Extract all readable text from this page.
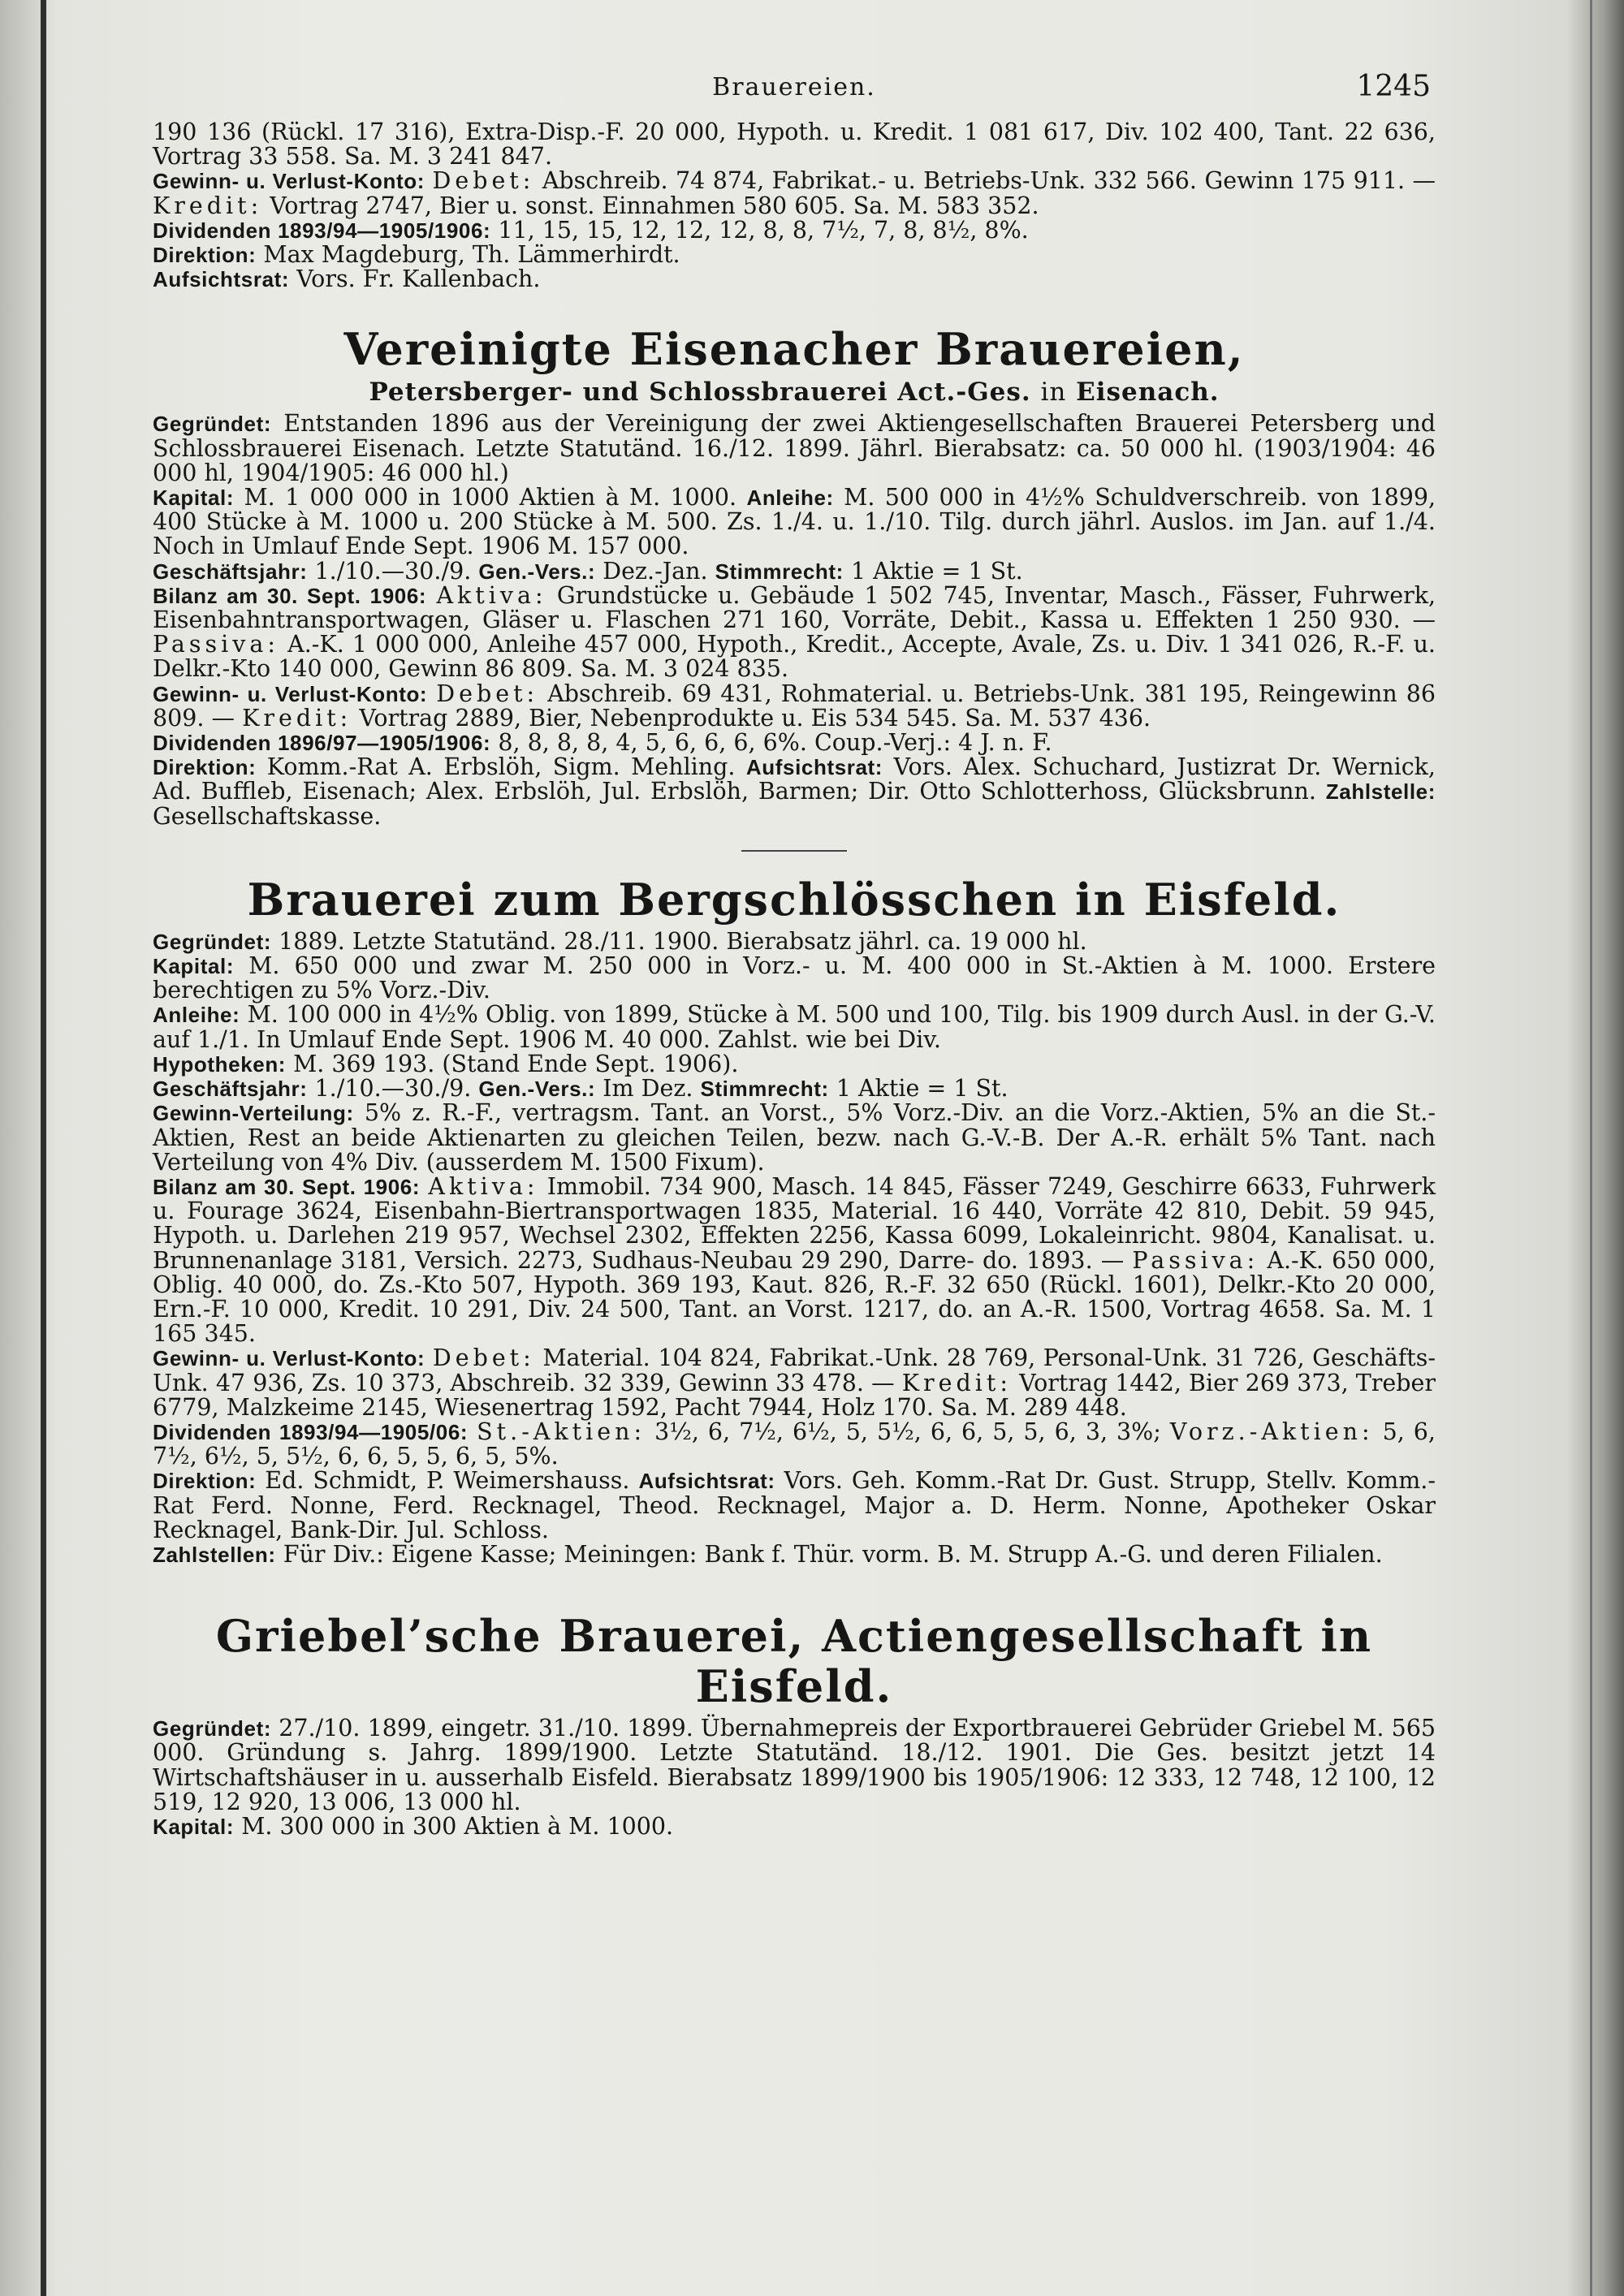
Brauereien.	1245

190 136 (Rückl. 17 316), Extra-Disp.-F. 20 000, Hypoth. u. Kredit. 1 081 617, Div. 102 400, Tant. 22 636, Vortrag 33 558. Sa. M. 3 241 847.

Gewinn- u. Verlust-Konto: Debet: Abschreib. 74 874, Fabrikat.- u. Betriebs-Unk. 332 566. Gewinn 175 911. — Kredit: Vortrag 2747, Bier u. sonst. Einnahmen 580 605. Sa. M. 583 352.

Dividenden 1893/94—1905/1906: 11, 15, 15, 12, 12, 12, 8, 8, 7½, 7, 8, 8½, 8%.

Direktion: Max Magdeburg, Th. Lämmerhirdt.

Aufsichtsrat: Vors. Fr. Kallenbach.

Vereinigte Eisenacher Brauereien,
Petersberger- und Schlossbrauerei Act.-Ges. in Eisenach.

Gegründet: Entstanden 1896 aus der Vereinigung der zwei Aktiengesellschaften Brauerei Petersberg und Schlossbrauerei Eisenach. Letzte Statutänd. 16./12. 1899. Jährl. Bierabsatz: ca. 50 000 hl. (1903/1904: 46 000 hl, 1904/1905: 46 000 hl.)

Kapital: M. 1 000 000 in 1000 Aktien à M. 1000. Anleihe: M. 500 000 in 4½% Schuldverschreib. von 1899, 400 Stücke à M. 1000 u. 200 Stücke à M. 500. Zs. 1./4. u. 1./10. Tilg. durch jährl. Auslos. im Jan. auf 1./4. Noch in Umlauf Ende Sept. 1906 M. 157 000.

Geschäftsjahr: 1./10.—30./9. Gen.-Vers.: Dez.-Jan. Stimmrecht: 1 Aktie = 1 St.

Bilanz am 30. Sept. 1906: Aktiva: Grundstücke u. Gebäude 1 502 745, Inventar, Masch., Fässer, Fuhrwerk, Eisenbahntransportwagen, Gläser u. Flaschen 271 160, Vorräte, Debit., Kassa u. Effekten 1 250 930. — Passiva: A.-K. 1 000 000, Anleihe 457 000, Hypoth., Kredit., Accepte, Avale, Zs. u. Div. 1 341 026, R.-F. u. Delkr.-Kto 140 000, Gewinn 86 809. Sa. M. 3 024 835.

Gewinn- u. Verlust-Konto: Debet: Abschreib. 69 431, Rohmaterial. u. Betriebs-Unk. 381 195, Reingewinn 86 809. — Kredit: Vortrag 2889, Bier, Nebenprodukte u. Eis 534 545. Sa. M. 537 436.

Dividenden 1896/97—1905/1906: 8, 8, 8, 8, 4, 5, 6, 6, 6, 6%. Coup.-Verj.: 4 J. n. F.

Direktion: Komm.-Rat A. Erbslöh, Sigm. Mehling. Aufsichtsrat: Vors. Alex. Schuchard, Justizrat Dr. Wernick, Ad. Buffleb, Eisenach; Alex. Erbslöh, Jul. Erbslöh, Barmen; Dir. Otto Schlotterhoss, Glücksbrunn. Zahlstelle: Gesellschaftskasse.

Brauerei zum Bergschlösschen in Eisfeld.

Gegründet: 1889. Letzte Statutänd. 28./11. 1900. Bierabsatz jährl. ca. 19 000 hl.

Kapital: M. 650 000 und zwar M. 250 000 in Vorz.- u. M. 400 000 in St.-Aktien à M. 1000. Erstere berechtigen zu 5% Vorz.-Div.

Anleihe: M. 100 000 in 4½% Oblig. von 1899, Stücke à M. 500 und 100, Tilg. bis 1909 durch Ausl. in der G.-V. auf 1./1. In Umlauf Ende Sept. 1906 M. 40 000. Zahlst. wie bei Div.

Hypotheken: M. 369 193. (Stand Ende Sept. 1906).

Geschäftsjahr: 1./10.—30./9. Gen.-Vers.: Im Dez. Stimmrecht: 1 Aktie = 1 St.

Gewinn-Verteilung: 5% z. R.-F., vertragsm. Tant. an Vorst., 5% Vorz.-Div. an die Vorz.-Aktien, 5% an die St.-Aktien, Rest an beide Aktienarten zu gleichen Teilen, bezw. nach G.-V.-B. Der A.-R. erhält 5% Tant. nach Verteilung von 4% Div. (ausserdem M. 1500 Fixum).

Bilanz am 30. Sept. 1906: Aktiva: Immobil. 734 900, Masch. 14 845, Fässer 7249, Geschirre 6633, Fuhrwerk u. Fourage 3624, Eisenbahn-Biertransportwagen 1835, Material. 16 440, Vorräte 42 810, Debit. 59 945, Hypoth. u. Darlehen 219 957, Wechsel 2302, Effekten 2256, Kassa 6099, Lokaleinricht. 9804, Kanalisat. u. Brunnenanlage 3181, Versich. 2273, Sudhaus-Neubau 29 290, Darre- do. 1893. — Passiva: A.-K. 650 000, Oblig. 40 000, do. Zs.-Kto 507, Hypoth. 369 193, Kaut. 826, R.-F. 32 650 (Rückl. 1601), Delkr.-Kto 20 000, Ern.-F. 10 000, Kredit. 10 291, Div. 24 500, Tant. an Vorst. 1217, do. an A.-R. 1500, Vortrag 4658. Sa. M. 1 165 345.

Gewinn- u. Verlust-Konto: Debet: Material. 104 824, Fabrikat.-Unk. 28 769, Personal-Unk. 31 726, Geschäfts-Unk. 47 936, Zs. 10 373, Abschreib. 32 339, Gewinn 33 478. — Kredit: Vortrag 1442, Bier 269 373, Treber 6779, Malzkeime 2145, Wiesenertrag 1592, Pacht 7944, Holz 170. Sa. M. 289 448.

Dividenden 1893/94—1905/06: St.-Aktien: 3½, 6, 7½, 6½, 5, 5½, 6, 6, 5, 5, 6, 3, 3%; Vorz.-Aktien: 5, 6, 7½, 6½, 5, 5½, 6, 6, 5, 5, 6, 5, 5%.

Direktion: Ed. Schmidt, P. Weimershauss. Aufsichtsrat: Vors. Geh. Komm.-Rat Dr. Gust. Strupp, Stellv. Komm.-Rat Ferd. Nonne, Ferd. Recknagel, Theod. Recknagel, Major a. D. Herm. Nonne, Apotheker Oskar Recknagel, Bank-Dir. Jul. Schloss.

Zahlstellen: Für Div.: Eigene Kasse; Meiningen: Bank f. Thür. vorm. B. M. Strupp A.-G. und deren Filialen.

Griebel’sche Brauerei, Actiengesellschaft in Eisfeld.

Gegründet: 27./10. 1899, eingetr. 31./10. 1899. Übernahmepreis der Exportbrauerei Gebrüder Griebel M. 565 000. Gründung s. Jahrg. 1899/1900. Letzte Statutänd. 18./12. 1901. Die Ges. besitzt jetzt 14 Wirtschaftshäuser in u. ausserhalb Eisfeld. Bierabsatz 1899/1900 bis 1905/1906: 12 333, 12 748, 12 100, 12 519, 12 920, 13 006, 13 000 hl.

Kapital: M. 300 000 in 300 Aktien à M. 1000.
